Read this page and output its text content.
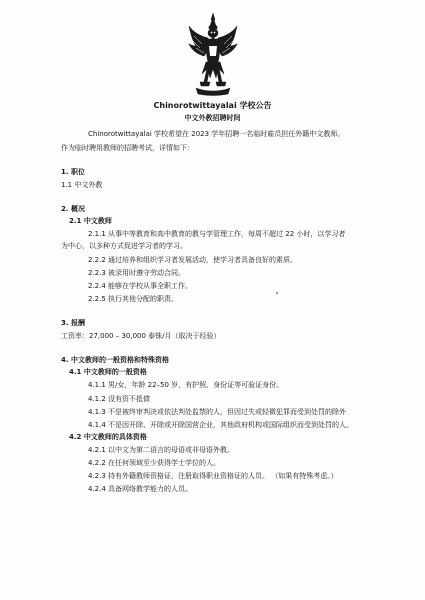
Chinorotwittayalai 学校公告
中文外教招聘时间
Chinorotwittayalai 学校希望在 2023 学年招聘一名临时雇员担任外籍中文教师。
作为临时聘用教师的招聘考试，详情如下：
1. 职位
1.1 中文外教
2. 概况
2.1 中文教师
2.1.1 从事中等教育和高中教育的教与学管理工作，每周不超过 22 小时，以学习者
为中心，以多种方式促进学习者的学习。
2.2.2 通过培养和组织学习者发展活动，使学习者具备良好的素质。
2.2.3 被录用时遵守劳动合同。
2.2.4 能够在学校从事全职工作。
2.2.5 执行其他分配的职责。
3. 报酬
工资率：27,000 – 30,000 泰铢/月（取决于经验）
4. 中文教师的一般资格和特殊资格
4.1 中文教师的一般资格
4.1.1 男/女，年龄 22–50 岁，有护照、身份证等可验证身份。
4.1.2 没有资不抵债
4.1.3 不是被终审判决或依法判处监禁的人，但因过失或轻微犯罪而受到处罚的除外
4.1.4 不是因开除、开除或开除国营企业，其他政府机构或国际组织而受到处罚的人。
4.2 中文教师的具体资格
4.2.1 以中文为第二语言的母语或非母语外教。
4.2.2 在任何领域至少获得学士学位的人。
4.2.3 持有外籍教师资格证，注册取得职业资格证的人员。 （如果有特殊考虑。）
4.2.4 具备网络教学能力的人员。
